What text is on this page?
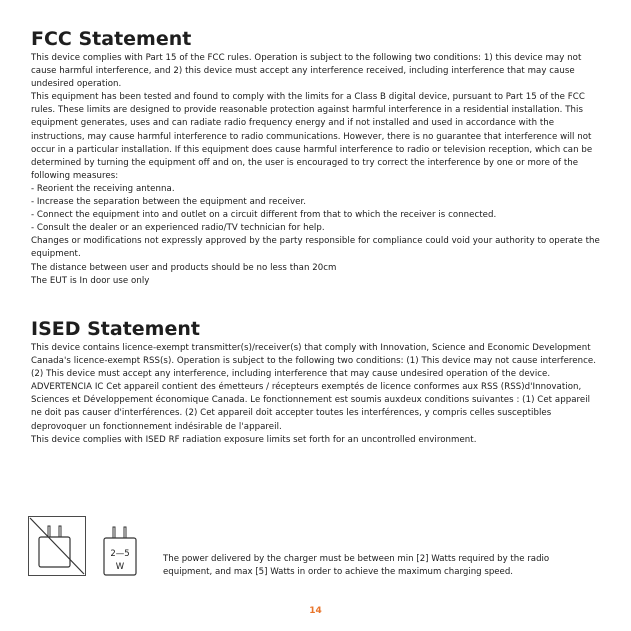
FCC Statement

This device complies with Part 15 of the FCC rules. Operation is subject to the following two conditions: 1) this device may not cause harmful interference, and 2) this device must accept any interference received, including interference that may cause undesired operation.

This equipment has been tested and found to comply with the limits for a Class B digital device, pursuant to Part 15 of the FCC rules. These limits are designed to provide reasonable protection against harmful interference in a residential installation. This equipment generates, uses and can radiate radio frequency energy and if not installed and used in accordance with the instructions, may cause harmful interference to radio communications. However, there is no guarantee that interference will not occur in a particular installation. If this equipment does cause harmful interference to radio or television reception, which can be determined by turning the equipment off and on, the user is encouraged to try correct the interference by one or more of the following measures:

- Reorient the receiving antenna.

- Increase the separation between the equipment and receiver.

- Connect the equipment into and outlet on a circuit different from that to which the receiver is connected.

- Consult the dealer or an experienced radio/TV technician for help.

Changes or modifications not expressly approved by the party responsible for compliance could void your authority to operate the equipment.

The distance between user and products should be no less than 20cm

The EUT is In door use only

ISED Statement

This device contains licence-exempt transmitter(s)/receiver(s) that comply with Innovation, Science and Economic Development Canada's licence-exempt RSS(s). Operation is subject to the following two conditions: (1) This device may not cause interference. (2) This device must accept any interference, including interference that may cause undesired operation of the device.

ADVERTENCIA IC Cet appareil contient des émetteurs / récepteurs exemptés de licence conformes aux RSS (RSS)d'Innovation, Sciences et Développement économique Canada. Le fonctionnement est soumis auxdeux conditions suivantes : (1) Cet appareil ne doit pas causer d'interférences. (2) Cet appareil doit accepter toutes les interférences, y compris celles susceptibles deprovoquer un fonctionnement indésirable de l'appareil.

This device complies with ISED RF radiation exposure limits set forth for an uncontrolled environment.

2—5
W

The power delivered by the charger must be between min [2] Watts required by the radio equipment, and max [5] Watts in order to achieve the maximum charging speed.

14
